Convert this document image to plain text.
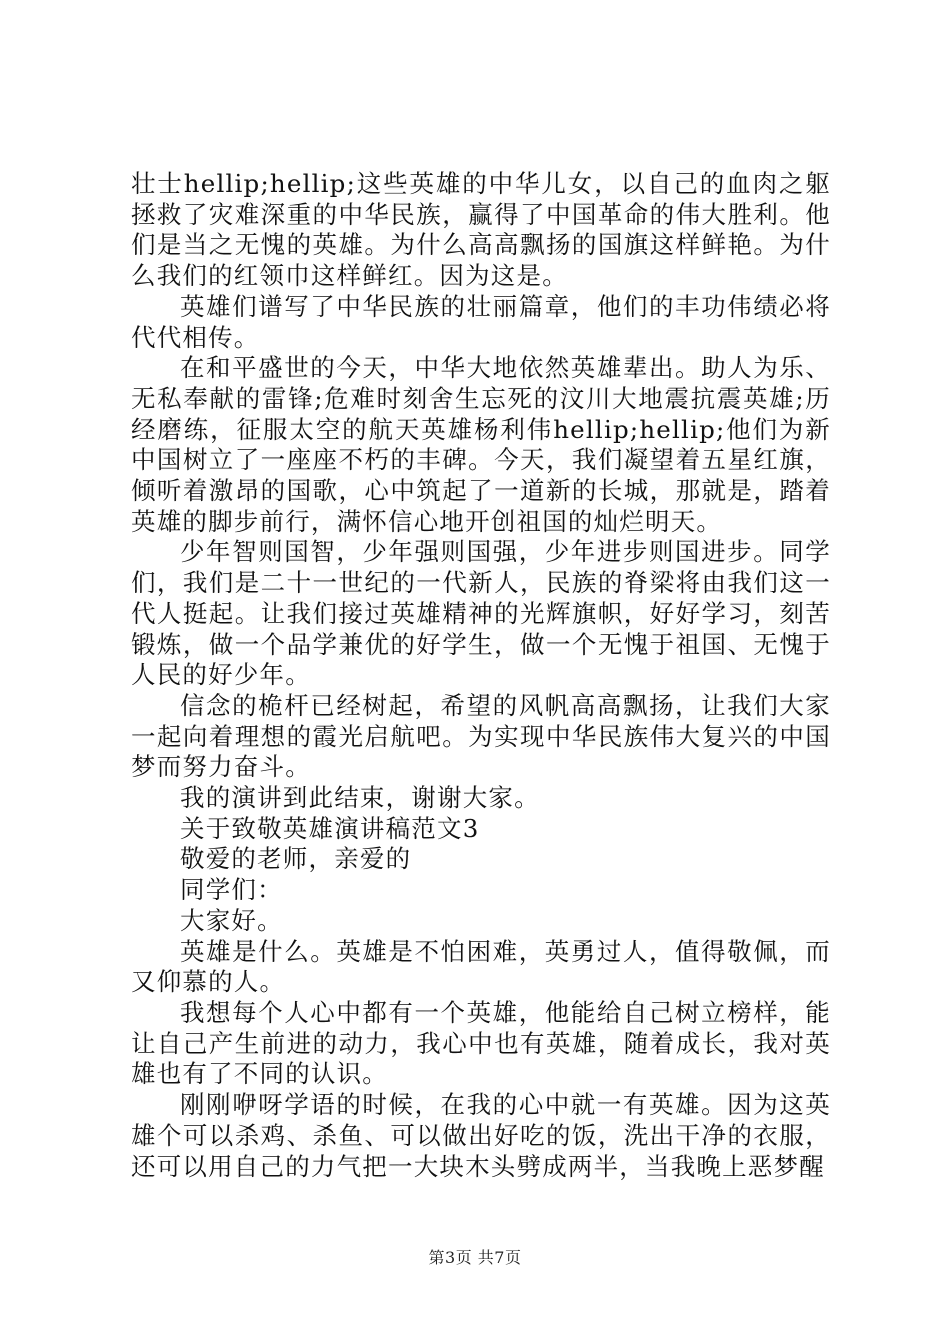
壮士hellip;hellip;这些英雄的中华儿女，以自己的血肉之躯拯救了灾难深重的中华民族，赢得了中国革命的伟大胜利。他们是当之无愧的英雄。为什么高高飘扬的国旗这样鲜艳。为什么我们的红领巾这样鲜红。因为这是。

英雄们谱写了中华民族的壮丽篇章，他们的丰功伟绩必将代代相传。

在和平盛世的今天，中华大地依然英雄辈出。助人为乐、无私奉献的雷锋;危难时刻舍生忘死的汶川大地震抗震英雄;历经磨练，征服太空的航天英雄杨利伟hellip;hellip;他们为新中国树立了一座座不朽的丰碑。今天，我们凝望着五星红旗，倾听着激昂的国歌，心中筑起了一道新的长城，那就是，踏着英雄的脚步前行，满怀信心地开创祖国的灿烂明天。

少年智则国智，少年强则国强，少年进步则国进步。同学们，我们是二十一世纪的一代新人，民族的脊梁将由我们这一代人挺起。让我们接过英雄精神的光辉旗帜，好好学习，刻苦锻炼，做一个品学兼优的好学生，做一个无愧于祖国、无愧于人民的好少年。

信念的桅杆已经树起，希望的风帆高高飘扬，让我们大家一起向着理想的霞光启航吧。为实现中华民族伟大复兴的中国梦而努力奋斗。

我的演讲到此结束，谢谢大家。

关于致敬英雄演讲稿范文3

敬爱的老师，亲爱的

同学们：

大家好。

英雄是什么。英雄是不怕困难，英勇过人，值得敬佩，而又仰慕的人。

我想每个人心中都有一个英雄，他能给自己树立榜样，能让自己产生前进的动力，我心中也有英雄，随着成长，我对英雄也有了不同的认识。

刚刚咿呀学语的时候，在我的心中就一有英雄。因为这英雄个可以杀鸡、杀鱼、可以做出好吃的饭，洗出干净的衣服，还可以用自己的力气把一大块木头劈成两半，当我晚上恶梦醒

第3页 共7页
